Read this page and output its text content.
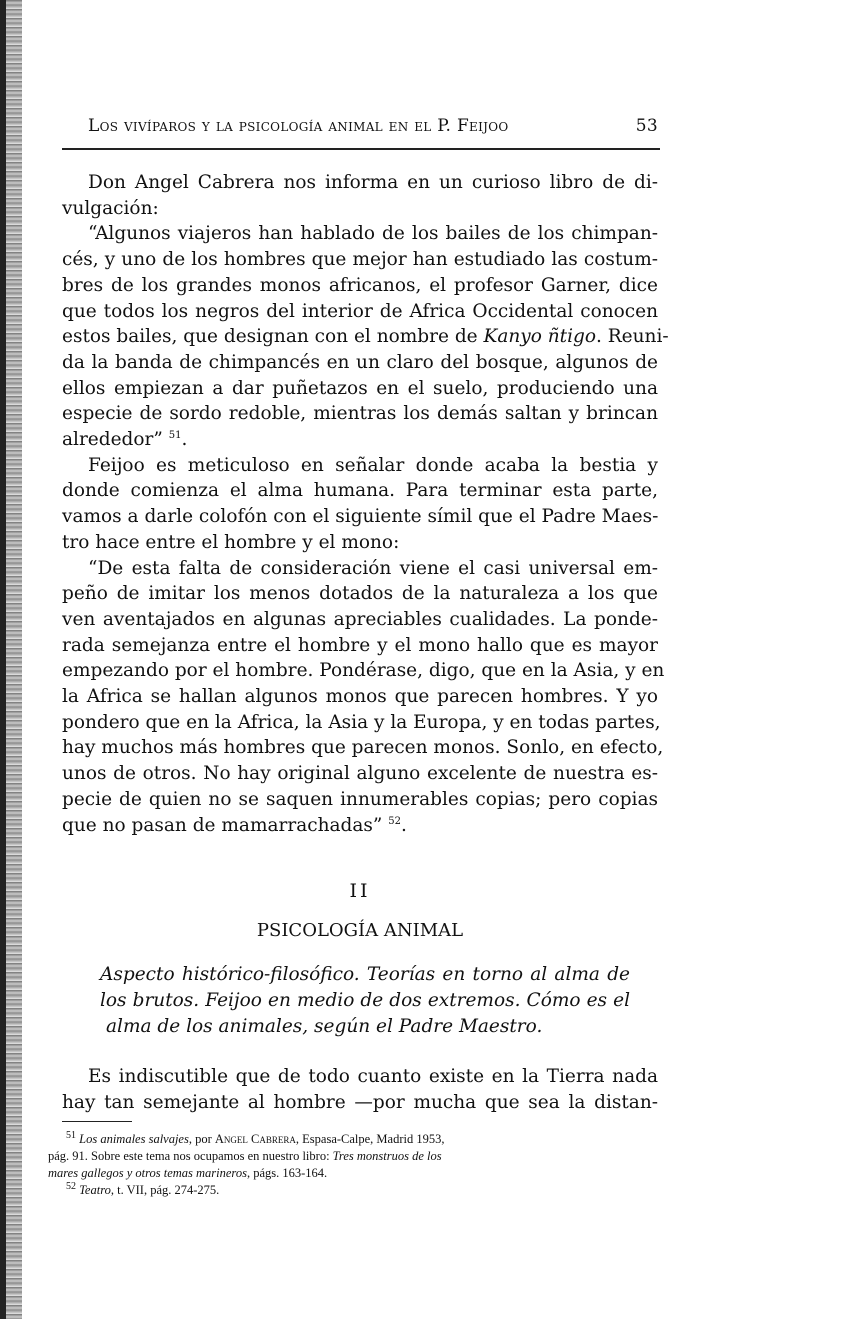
Los vivíparos y la psicología animal en el P. Feijoo	53
Don Angel Cabrera nos informa en un curioso libro de di-
vulgación:
“Algunos viajeros han hablado de los bailes de los chimpan-
cés, y uno de los hombres que mejor han estudiado las costum-
bres de los grandes monos africanos, el profesor Garner, dice
que todos los negros del interior de Africa Occidental conocen
estos bailes, que designan con el nombre de Kanyo ñtigo. Reuni-
da la banda de chimpancés en un claro del bosque, algunos de
ellos empiezan a dar puñetazos en el suelo, produciendo una
especie de sordo redoble, mientras los demás saltan y brincan
alrededor” $^{51}$.
Feijoo es meticuloso en señalar donde acaba la bestia y
donde comienza el alma humana. Para terminar esta parte,
vamos a darle colofón con el siguiente símil que el Padre Maes-
tro hace entre el hombre y el mono:
“De esta falta de consideración viene el casi universal em-
peño de imitar los menos dotados de la naturaleza a los que
ven aventajados en algunas apreciables cualidades. La ponde-
rada semejanza entre el hombre y el mono hallo que es mayor
empezando por el hombre. Pondérase, digo, que en la Asia, y en
la Africa se hallan algunos monos que parecen hombres. Y yo
pondero que en la Africa, la Asia y la Europa, y en todas partes,
hay muchos más hombres que parecen monos. Sonlo, en efecto,
unos de otros. No hay original alguno excelente de nuestra es-
pecie de quien no se saquen innumerables copias; pero copias
que no pasan de mamarrachadas” $^{52}$.
II
PSICOLOGÍA ANIMAL
Aspecto histórico-filosófico. Teorías en torno al alma de
los brutos. Feijoo en medio de dos extremos. Cómo es el
alma de los animales, según el Padre Maestro.
Es indiscutible que de todo cuanto existe en la Tierra nada
hay tan semejante al hombre —por mucha que sea la distan-
$^{51}$ Los animales salvajes, por Angel Cabrera, Espasa-Calpe, Madrid 1953,
pág. 91. Sobre este tema nos ocupamos en nuestro libro: Tres monstruos de los
mares gallegos y otros temas marineros, págs. 163-164.
$^{52}$ Teatro, t. VII, pág. 274-275.
